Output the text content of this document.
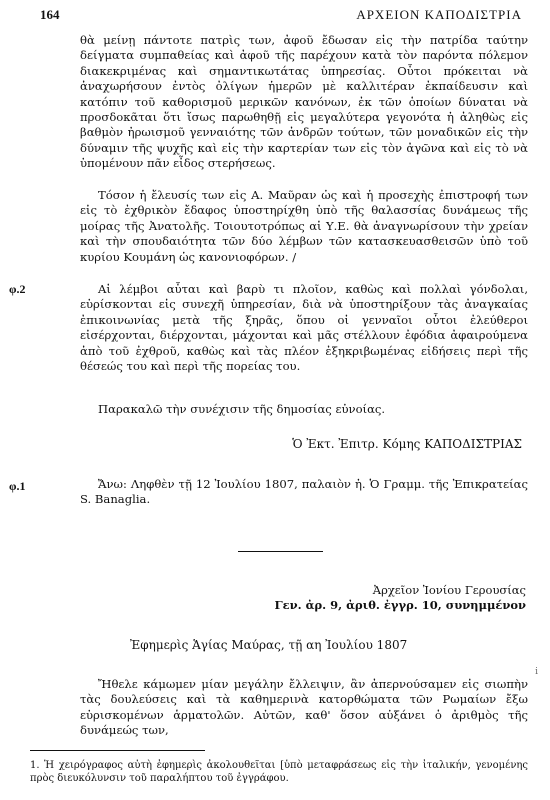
164	ΑΡΧΕΙΟΝ ΚΑΠΟΔΙΣΤΡΙΑ

θὰ μείνῃ πάντοτε πατρὶς των, ἀφοῦ ἔδωσαν εἰς τὴν πατρίδα ταύτην δείγματα συμπαθείας καὶ ἀφοῦ τῆς παρέχουν κατὰ τὸν παρόντα πόλεμον διακεκριμένας καὶ σημαντικωτάτας ὑπηρεσίας. Οὗτοι πρόκειται νὰ ἀναχωρήσουν ἐντὸς ὀλίγων ἡμερῶν μὲ καλλιτέραν ἐκπαίδευσιν καὶ κατόπιν τοῦ καθορισμοῦ μερικῶν κανόνων, ἐκ τῶν ὁποίων δύναται νὰ προσδοκᾶται ὅτι ἴσως παρωθηθῇ εἰς μεγαλύτερα γεγονότα ἡ ἀληθὼς εἰς βαθμὸν ἠρωισμοῦ γενναιότης τῶν ἀνδρῶν τούτων, τῶν μοναδικῶν εἰς τὴν δύναμιν τῆς ψυχῆς καὶ εἰς τὴν καρτερίαν των εἰς τὸν ἀγῶνα καὶ εἰς τὸ νὰ ὑπομένουν πᾶν εἶδος στερήσεως.

Τόσον ἡ ἔλευσίς των εἰς Α. Μαῦραν ὡς καὶ ἡ προσεχὴς ἐπιστροφή των εἰς τὸ ἐχθρικὸν ἔδαφος ὑποστηρίχθη ὑπὸ τῆς θαλασσίας δυνάμεως τῆς μοίρας τῆς Ἀνατολῆς. Τοιουτοτρόπως αἱ Υ.Ε. θὰ ἀναγνωρίσουν τὴν χρείαν καὶ τὴν σπουδαιότητα τῶν δύο λέμβων τῶν κατασκευασθεισῶν ὑπὸ τοῦ κυρίου Κουμάνη ὡς κανονιοφόρων. /

φ.2	Αἱ λέμβοι αὗται καὶ βαρὺ τι πλοῖον, καθὼς καὶ πολλαὶ γόνδολαι, εὑρίσκονται εἰς συνεχῆ ὑπηρεσίαν, διὰ νὰ ὑποστηρίξουν τὰς ἀναγκαίας ἐπικοινωνίας μετὰ τῆς ξηρᾶς, ὅπου οἱ γενναῖοι οὗτοι ἐλεύθεροι εἰσέρχονται, διέρχονται, μάχονται καὶ μᾶς στέλλουν ἐφόδια ἀφαιρούμενα ἀπὸ τοῦ ἐχθροῦ, καθὼς καὶ τὰς πλέον ἐξηκριβωμένας εἰδήσεις περὶ τῆς θέσεώς του καὶ περὶ τῆς πορείας του.

Παρακαλῶ τὴν συνέχισιν τῆς δημοσίας εὐνοίας.

Ὁ Ἐκτ. Ἐπιτρ. Κόμης ΚΑΠΟΔΙΣΤΡΙΑΣ
φ.1	Ἄνω: Ληφθὲν τῇ 12 Ἰουλίου 1807, παλαιὸν ἡ. Ὁ Γραμμ. τῆς Ἐπικρατείας S. Banaglia.

Ἀρχεῖον Ἰονίου Γερουσίας
Γεν. ἀρ. 9, ἀριθ. ἐγγρ. 10, συνημμένον
Ἐφημερὶς Ἁγίας Μαύρας, τῇ αη Ἰουλίου 1807

Ἤθελε κάμωμεν μίαν μεγάλην ἔλλειψιν, ἂν ἀπερνούσαμεν εἰς σιωπὴν τὰς δουλεύσεις καὶ τὰ καθημερινὰ κατορθώματα τῶν Ρωμαίων ἔξω εὑρισκομένων ἁρματολῶν. Αὐτῶν, καθ' ὅσον αὐξάνει ὁ ἀριθμὸς τῆς δυνάμεώς των,

i
1. Ἡ χειρόγραφος αὐτὴ ἐφημερὶς ἀκολουθεῖται [ὑπὸ μεταφράσεως εἰς τὴν ἰταλικήν, γενομένης πρὸς διευκόλυνσιν τοῦ παραλήπτου τοῦ ἐγγράφου.
